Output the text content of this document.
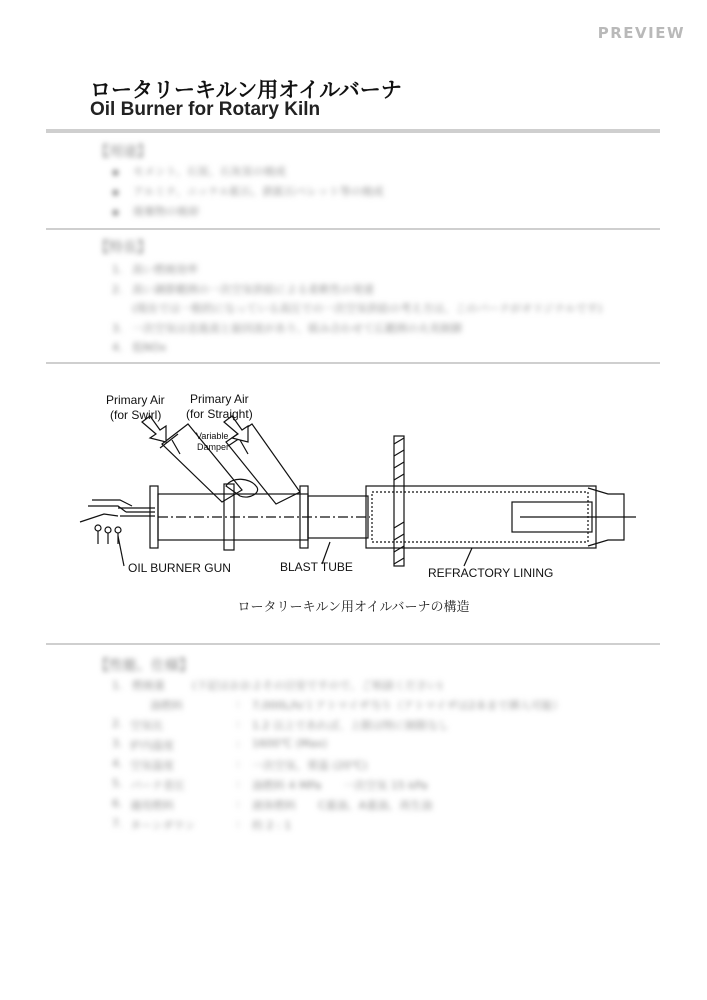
PREVIEW
ロータリーキルン用オイルバーナ
Oil Burner for Rotary Kiln
【用途】
◆ セメント、石炭、石灰炭の焼成
◆ アルミナ、ニッケル鉱石、鉄鉱石ペレット等の焼成
◆ 廃棄物の焼却
【特長】
1. 高い燃焼効率
2. 高い調節範囲の一次空気供給による柔軟性の発達
(現在では一般的になっている高圧での一次空気供給の考え方は、このバーナがオリジナルです)
3. 一次空気は直進流と旋回流があり、組み合わせて広範囲の火炎制御
4. 低NOx
Primary Air
(for Swirl)
Primary Air
(for Straight)
Variable
Damper
OIL BURNER GUN	BLAST TUBE	REFRACTORY LINING
ロータリーキルン用オイルバーナの構造
【性能、仕様】
1. 燃焼量 (下記はおおよその目安ですので、ご相談ください)
油燃料	: 7,000L/h/１アトマイザ当り（アトマイザは2本まで挿入可能）
2. 空気比	: 1.2 以上であれば、上限は特に制限なし
3. 炉内温度	: 1600℃ (Max)
4. 空気温度	: 一次空気、常温 (20℃)
5. バーナ差圧	: 油燃料 4 MPa　　一次空気 15 kPa
6. 適用燃料	: 液体燃料　　C重油、A重油、再生油
7. ターンダウン	: 約 2 : 1
